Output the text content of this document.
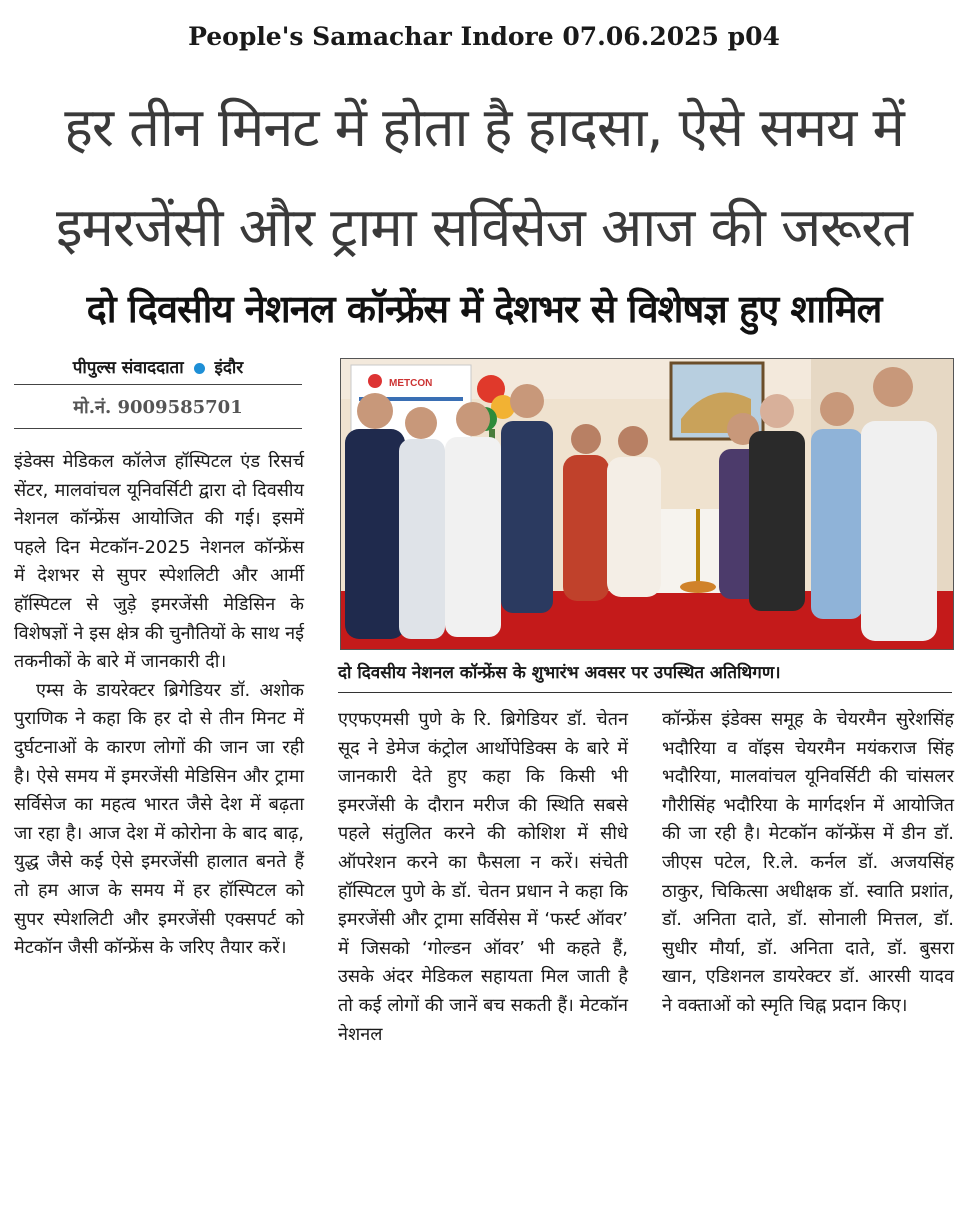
People's Samachar Indore 07.06.2025 p04
हर तीन मिनट में होता है हादसा, ऐसे समय में
इमरजेंसी और ट्रामा सर्विसेज आज की जरूरत
दो दिवसीय नेशनल कॉन्फ्रेंस में देशभर से विशेषज्ञ हुए शामिल
पीपुल्स संवाददाता इंदौर
मो.नं. 9009585701

इंडेक्स मेडिकल कॉलेज हॉस्पिटल एंड रिसर्च सेंटर, मालवांचल यूनिवर्सिटी द्वारा दो दिवसीय नेशनल कॉन्फ्रेंस आयोजित की गई। इसमें पहले दिन मेटकॉन-2025 नेशनल कॉन्फ्रेंस में देशभर से सुपर स्पेशलिटी और आर्मी हॉस्पिटल से जुड़े इमरजेंसी मेडिसिन के विशेषज्ञों ने इस क्षेत्र की चुनौतियों के साथ नई तकनीकों के बारे में जानकारी दी।

एम्स के डायरेक्टर ब्रिगेडियर डॉ. अशोक पुराणिक ने कहा कि हर दो से तीन मिनट में दुर्घटनाओं के कारण लोगों की जान जा रही है। ऐसे समय में इमरजेंसी मेडिसिन और ट्रामा सर्विसेज का महत्व भारत जैसे देश में बढ़ता जा रहा है। आज देश में कोरोना के बाद बाढ़, युद्ध जैसे कई ऐसे इमरजेंसी हालात बनते हैं तो हम आज के समय में हर हॉस्पिटल को सुपर स्पेशलिटी और इमरजेंसी एक्सपर्ट को मेटकॉन जैसी कॉन्फ्रेंस के जरिए तैयार करें।

METCON
दो दिवसीय नेशनल कॉन्फ्रेंस के शुभारंभ अवसर पर उपस्थित अतिथिगण।

एएफएमसी पुणे के रि. ब्रिगेडियर डॉ. चेतन सूद ने डेमेज कंट्रोल आर्थोपेडिक्स के बारे में जानकारी देते हुए कहा कि किसी भी इमरजेंसी के दौरान मरीज की स्थिति सबसे पहले संतुलित करने की कोशिश में सीधे ऑपरेशन करने का फैसला न करें। संचेती हॉस्पिटल पुणे के डॉ. चेतन प्रधान ने कहा कि इमरजेंसी और ट्रामा सर्विसेस में ‘फर्स्ट ऑवर’ में जिसको ‘गोल्डन ऑवर’ भी कहते हैं, उसके अंदर मेडिकल सहायता मिल जाती है तो कई लोगों की जानें बच सकती हैं। मेटकॉन नेशनल

कॉन्फ्रेंस इंडेक्स समूह के चेयरमैन सुरेशसिंह भदौरिया व वॉइस चेयरमैन मयंकराज सिंह भदौरिया, मालवांचल यूनिवर्सिटी की चांसलर गौरीसिंह भदौरिया के मार्गदर्शन में आयोजित की जा रही है। मेटकॉन कॉन्फ्रेंस में डीन डॉ. जीएस पटेल, रि.ले. कर्नल डॉ. अजयसिंह ठाकुर, चिकित्सा अधीक्षक डॉ. स्वाति प्रशांत, डॉ. अनिता दाते, डॉ. सोनाली मित्तल, डॉ. सुधीर मौर्या, डॉ. अनिता दाते, डॉ. बुसरा खान, एडिशनल डायरेक्टर डॉ. आरसी यादव ने वक्ताओं को स्मृति चिह्न प्रदान किए।
